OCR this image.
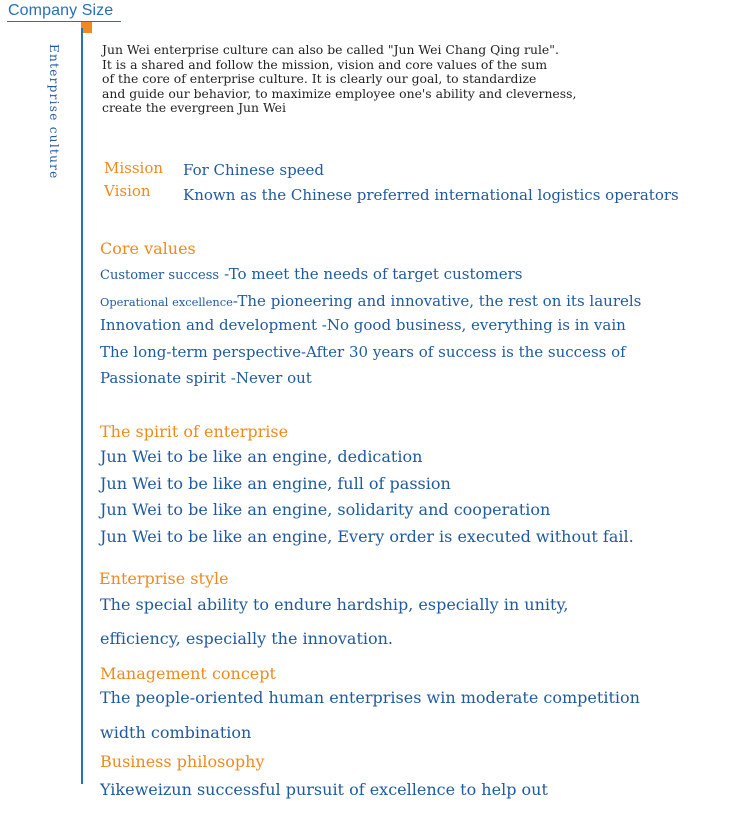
Company Size
Enterprise culture	Jun Wei enterprise culture can also be called "Jun Wei Chang Qing rule".
It is a shared and follow the mission, vision and core values of the sum
of the core of enterprise culture. It is clearly our goal, to standardize
and guide our behavior, to maximize employee one's ability and cleverness,
create the evergreen Jun Wei
Mission For Chinese speed
Vision Known as the Chinese preferred international logistics operators
Core values
Customer success -To meet the needs of target customers
Operational excellence-The pioneering and innovative, the rest on its laurels
Innovation and development -No good business, everything is in vain
The long-term perspective-After 30 years of success is the success of
Passionate spirit -Never out
The spirit of enterprise
Jun Wei to be like an engine, dedication
Jun Wei to be like an engine, full of passion
Jun Wei to be like an engine, solidarity and cooperation
Jun Wei to be like an engine, Every order is executed without fail.
Enterprise style
The special ability to endure hardship, especially in unity,
efficiency, especially the innovation.
Management concept
The people-oriented human enterprises win moderate competition
width combination
Business philosophy
Yikeweizun successful pursuit of excellence to help out
